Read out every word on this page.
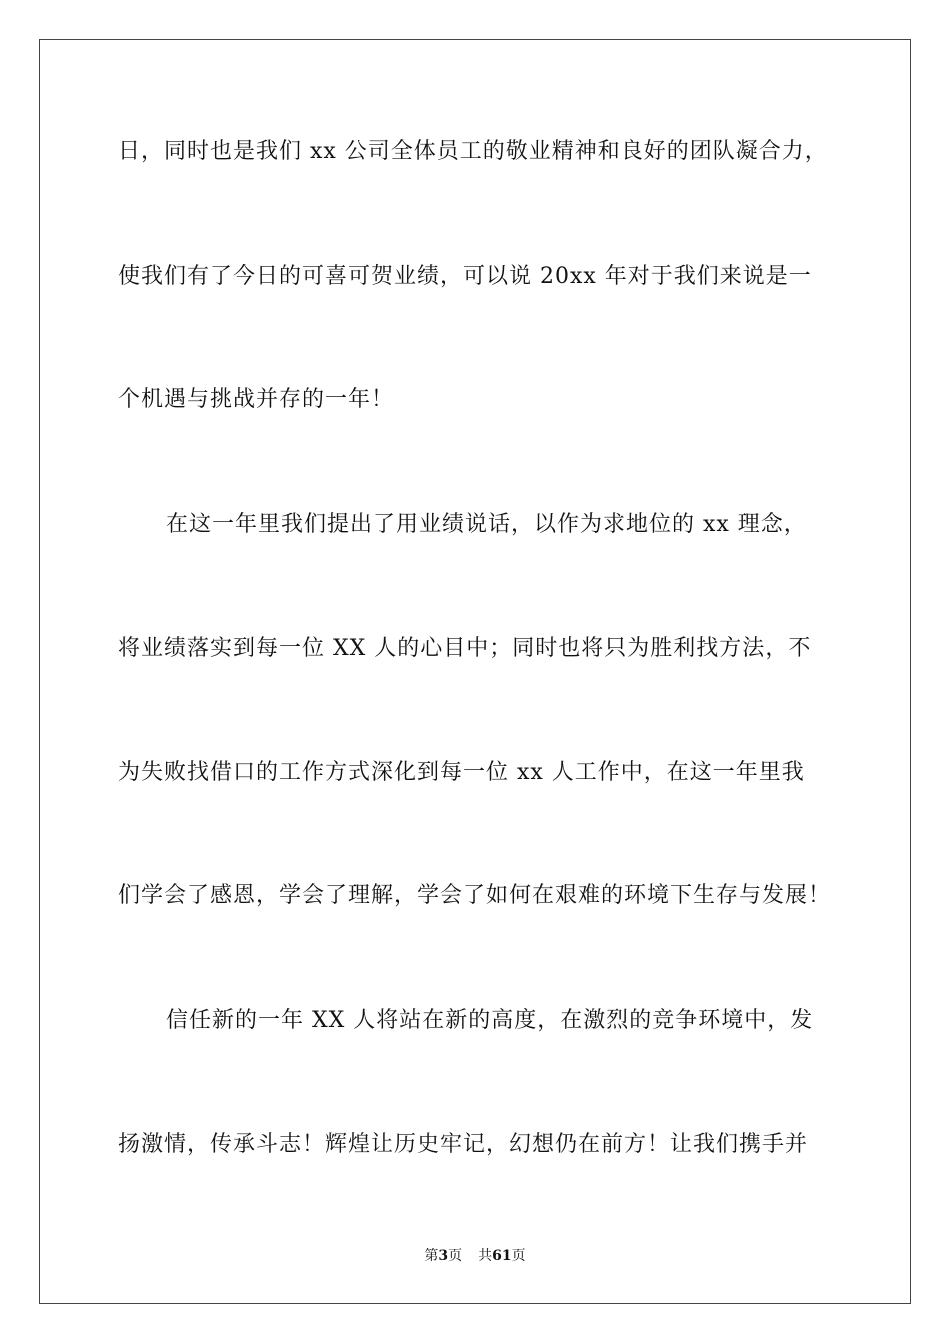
日，同时也是我们 xx 公司全体员工的敬业精神和良好的团队凝合力，
使我们有了今日的可喜可贺业绩，可以说 20xx 年对于我们来说是一
个机遇与挑战并存的一年！
在这一年里我们提出了用业绩说话，以作为求地位的 xx 理念，
将业绩落实到每一位 XX 人的心目中；同时也将只为胜利找方法，不
为失败找借口的工作方式深化到每一位 xx 人工作中，在这一年里我
们学会了感恩，学会了理解，学会了如何在艰难的环境下生存与发展！
信任新的一年 XX 人将站在新的高度，在激烈的竞争环境中，发
扬激情，传承斗志！辉煌让历史牢记，幻想仍在前方！让我们携手并
第3页 共61页
